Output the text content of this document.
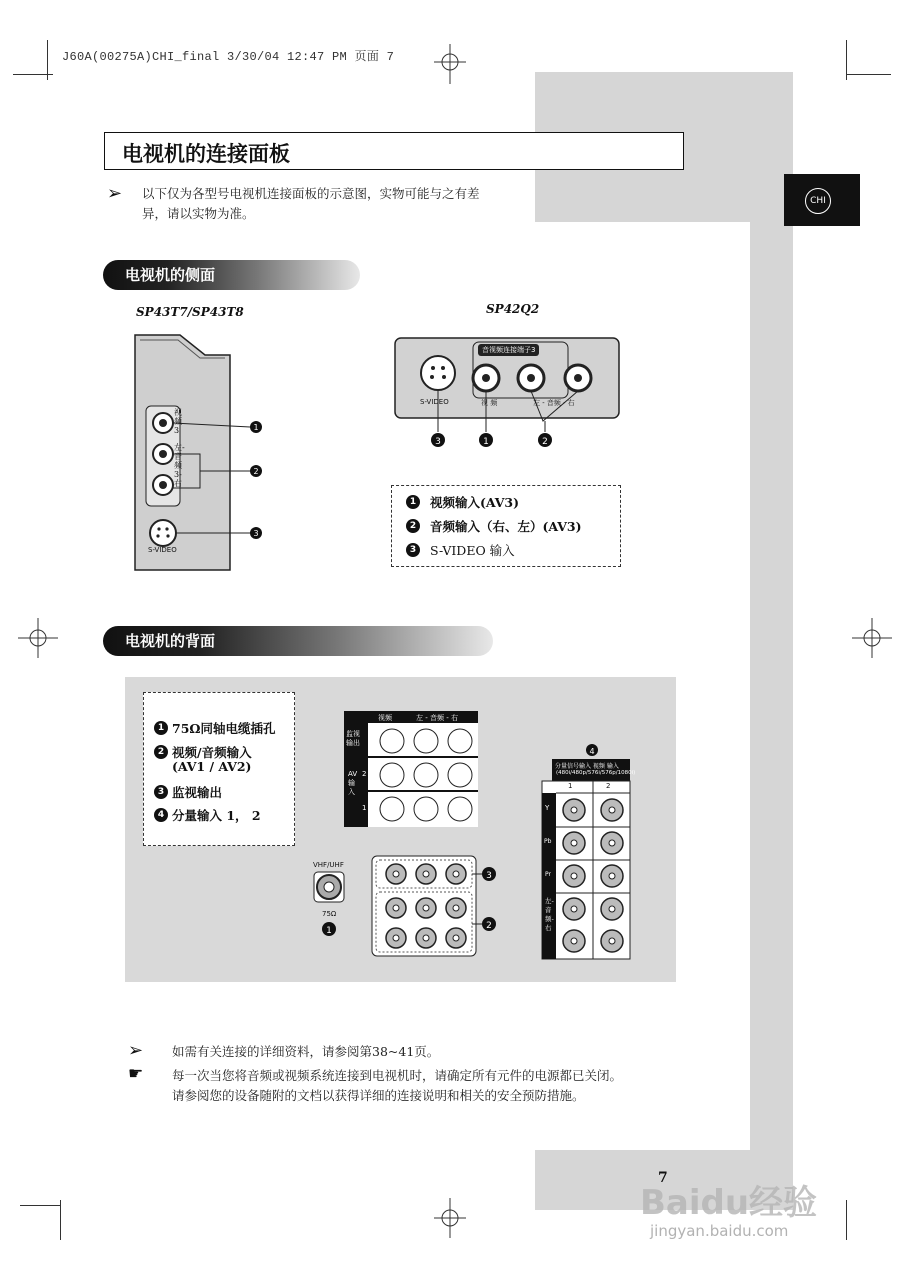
J60A(00275A)CHI_final 3/30/04 12:47 PM 页面 7
CHI
电视机的连接面板
➢ 以下仅为各型号电视机连接面板的示意图，实物可能与之有差
异，请以实物为准。
电视机的侧面
SP43T7/SP43T8	SP42Q2
1
2
3
视频3
左-音频3-右
S-VIDEO
3	1	2
音视频连接端子3
S-VIDEO	视 频	左 - 音频 - 右
1	视频输入(AV3)
2	音频输入（右、左）(AV3)
3	S-VIDEO 输入
电视机的背面
1 75Ω同轴电缆插孔
2 视频/音频输入
(AV1 / AV2)
3 监视输出
4 分量输入 1， 2
视频	左 - 音频 - 右
监视输出
AV输入
2
1
VHF/UHF
1
75Ω
3
2
4
分量信号输入 视频 输入
(480i/480p/576i/576p/1080i)
1	2
Y
Pb
Pr
左-音频-右
➢ 如需有关连接的详细资料，请参阅第38~41页。
☛ 每一次当您将音频或视频系统连接到电视机时，请确定所有元件的电源都已关闭。
请参阅您的设备随附的文档以获得详细的连接说明和相关的安全预防措施。
7
Baidu经验
jingyan.baidu.com
